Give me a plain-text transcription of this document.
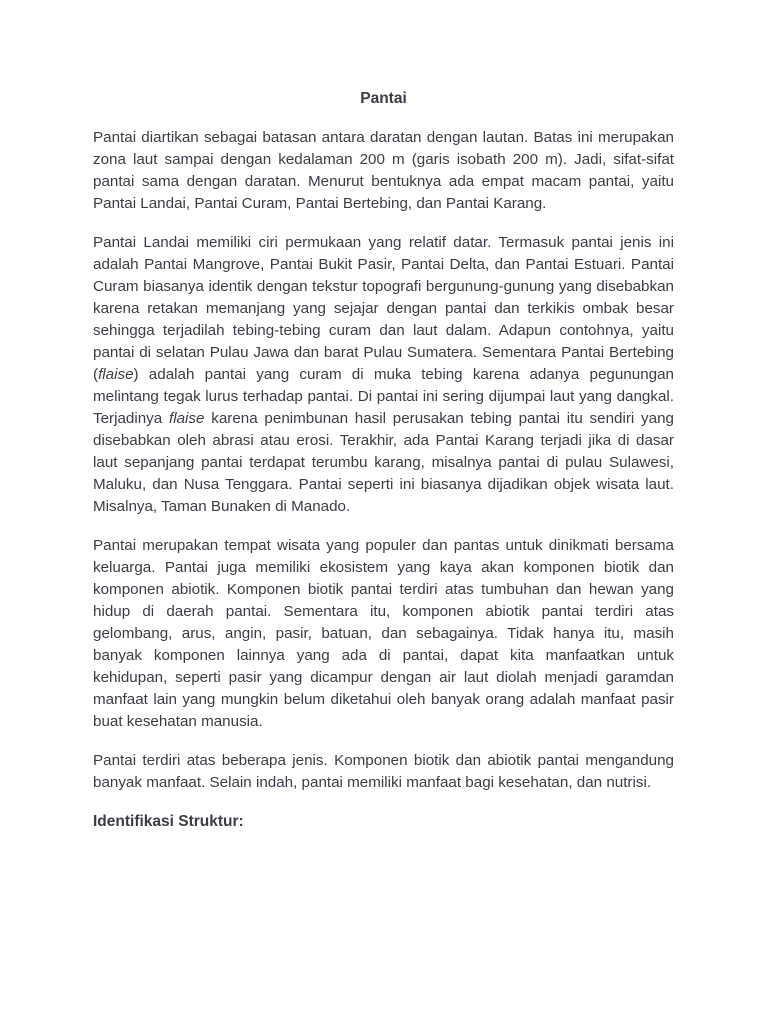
Pantai

Pantai diartikan sebagai batasan antara daratan dengan lautan. Batas ini merupakan zona laut sampai dengan kedalaman 200 m (garis isobath 200 m). Jadi, sifat-sifat pantai sama dengan daratan. Menurut bentuknya ada empat macam pantai, yaitu Pantai Landai, Pantai Curam, Pantai Bertebing, dan Pantai Karang.

Pantai Landai memiliki ciri permukaan yang relatif datar. Termasuk pantai jenis ini adalah Pantai Mangrove, Pantai Bukit Pasir, Pantai Delta, dan Pantai Estuari. Pantai Curam biasanya identik dengan tekstur topografi bergunung-gunung yang disebabkan karena retakan memanjang yang sejajar dengan pantai dan terkikis ombak besar sehingga terjadilah tebing-tebing curam dan laut dalam. Adapun contohnya, yaitu pantai di selatan Pulau Jawa dan barat Pulau Sumatera. Sementara Pantai Bertebing (flaise) adalah pantai yang curam di muka tebing karena adanya pegunungan melintang tegak lurus terhadap pantai. Di pantai ini sering dijumpai laut yang dangkal. Terjadinya flaise karena penimbunan hasil perusakan tebing pantai itu sendiri yang disebabkan oleh abrasi atau erosi. Terakhir, ada Pantai Karang terjadi jika di dasar laut sepanjang pantai terdapat terumbu karang, misalnya pantai di pulau Sulawesi, Maluku, dan Nusa Tenggara. Pantai seperti ini biasanya dijadikan objek wisata laut. Misalnya, Taman Bunaken di Manado.

Pantai merupakan tempat wisata yang populer dan pantas untuk dinikmati bersama keluarga. Pantai juga memiliki ekosistem yang kaya akan komponen biotik dan komponen abiotik. Komponen biotik pantai terdiri atas tumbuhan dan hewan yang hidup di daerah pantai. Sementara itu, komponen abiotik pantai terdiri atas gelombang, arus, angin, pasir, batuan, dan sebagainya. Tidak hanya itu, masih banyak komponen lainnya yang ada di pantai, dapat kita manfaatkan untuk kehidupan, seperti pasir yang dicampur dengan air laut diolah menjadi garamdan manfaat lain yang mungkin belum diketahui oleh banyak orang adalah manfaat pasir buat kesehatan manusia.

Pantai terdiri atas beberapa jenis. Komponen biotik dan abiotik pantai mengandung banyak manfaat. Selain indah, pantai memiliki manfaat bagi kesehatan, dan nutrisi.

Identifikasi Struktur:
